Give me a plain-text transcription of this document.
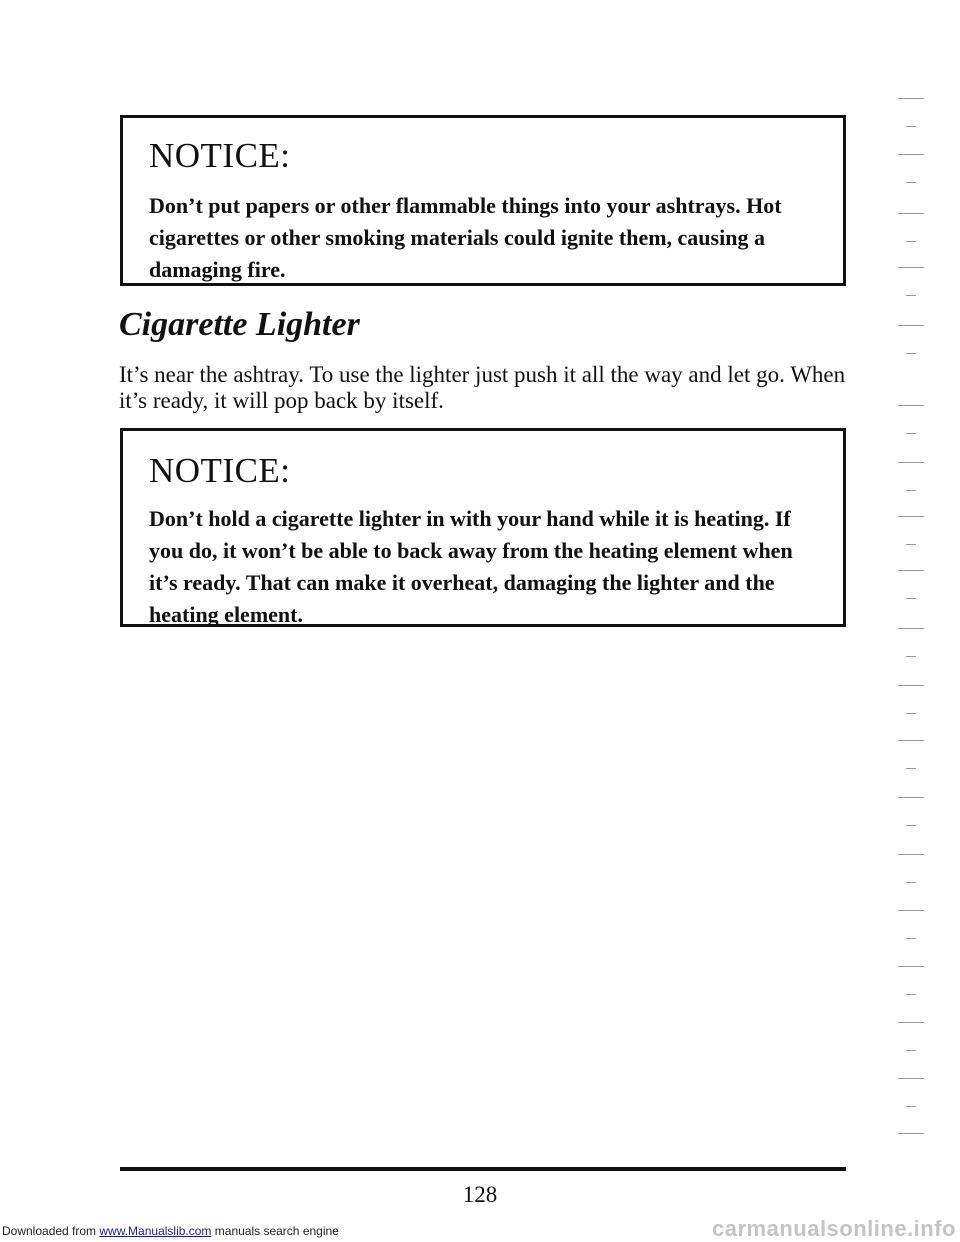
NOTICE:

Don’t put papers or other flammable things into your ashtrays. Hot cigarettes or other smoking materials could ignite them, causing a damaging fire.

Cigarette Lighter

It’s near the ashtray. To use the lighter just push it all the way and let go. When it’s ready, it will pop back by itself.

NOTICE:

Don’t hold a cigarette lighter in with your hand while it is heating. If you do, it won’t be able to back away from the heating element when it’s ready. That can make it overheat, damaging the lighter and the heating element.

128

Downloaded from www.Manualslib.com manuals search engine	carmanualsonline.info
